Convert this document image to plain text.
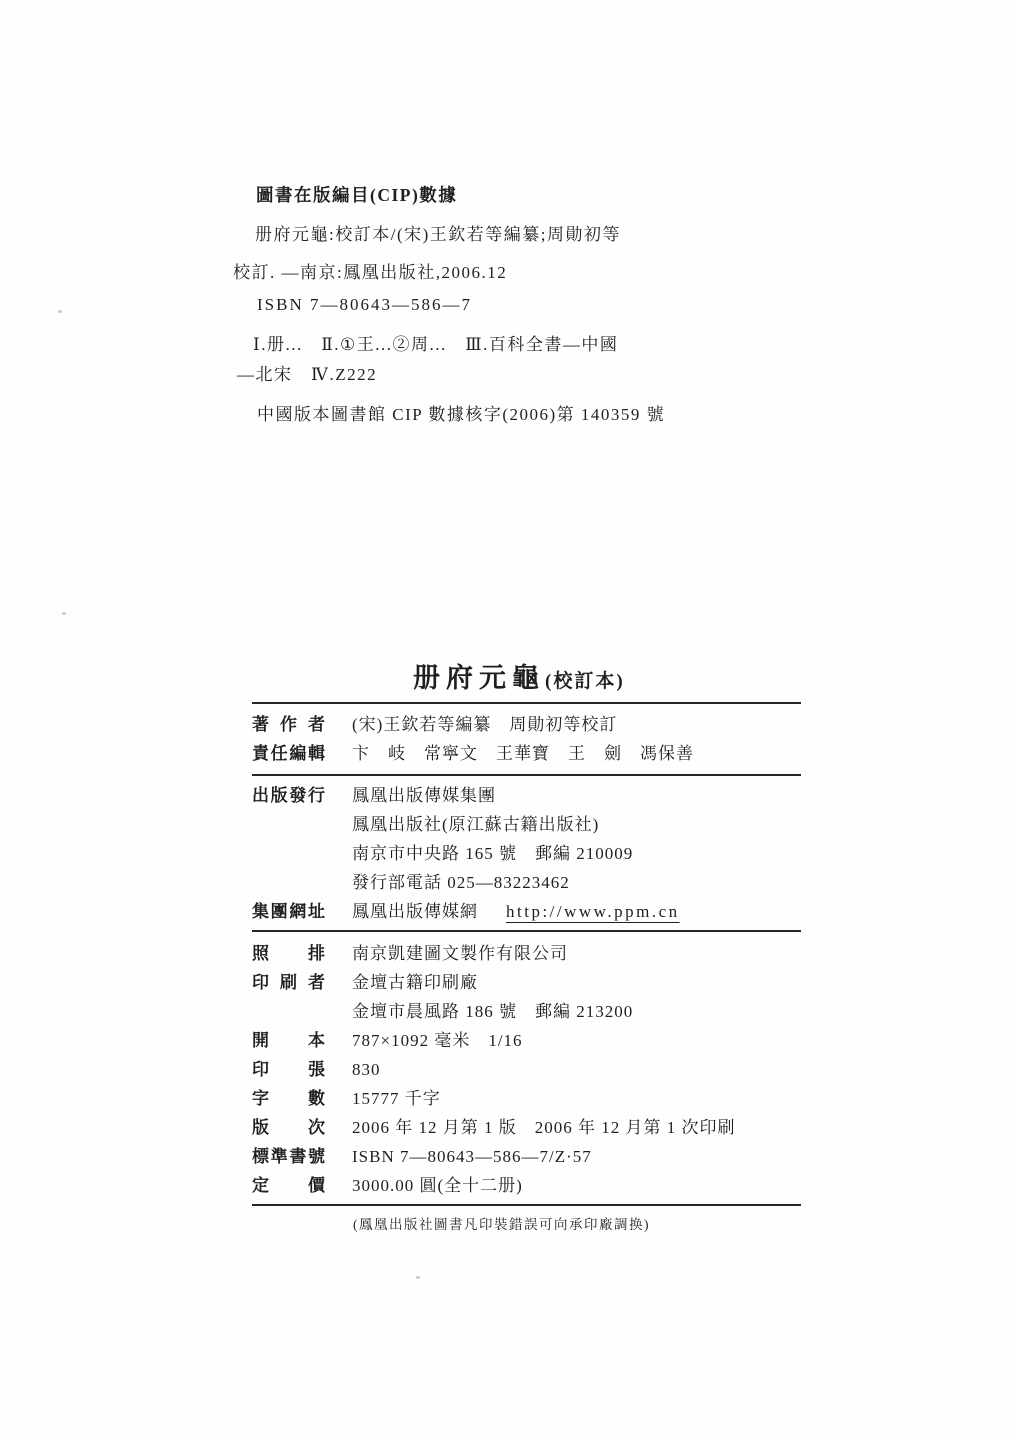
圖書在版編目(CIP)數據

册府元龜:校訂本/(宋)王欽若等編纂;周勛初等

校訂. —南京:鳳凰出版社,2006.12

ISBN 7—80643—586—7

Ⅰ.册...　Ⅱ.①王...②周...　Ⅲ.百科全書—中國

—北宋　Ⅳ.Z222

中國版本圖書館 CIP 數據核字(2006)第 140359 號

册府元龜(校訂本)
著 作 者 (宋)王欽若等編纂　周勛初等校訂
責任編輯 卞　岐　常寧文　王華寶　王　劍　馮保善
出版發行 鳳凰出版傳媒集團
鳳凰出版社(原江蘇古籍出版社)
南京市中央路 165 號　郵編 210009
發行部電話 025—83223462
集團網址 鳳凰出版傳媒網 http://www.ppm.cn
照 排 南京凱建圖文製作有限公司
印 刷 者 金壇古籍印刷廠
金壇市晨風路 186 號　郵編 213200
開 本 787×1092 毫米　1/16
印 張 830
字 數 15777 千字
版 次 2006 年 12 月第 1 版　2006 年 12 月第 1 次印刷
標準書號 ISBN 7—80643—586—7/Z·57
定 價 3000.00 圓(全十二册)
(鳳凰出版社圖書凡印裝錯誤可向承印廠調换)
